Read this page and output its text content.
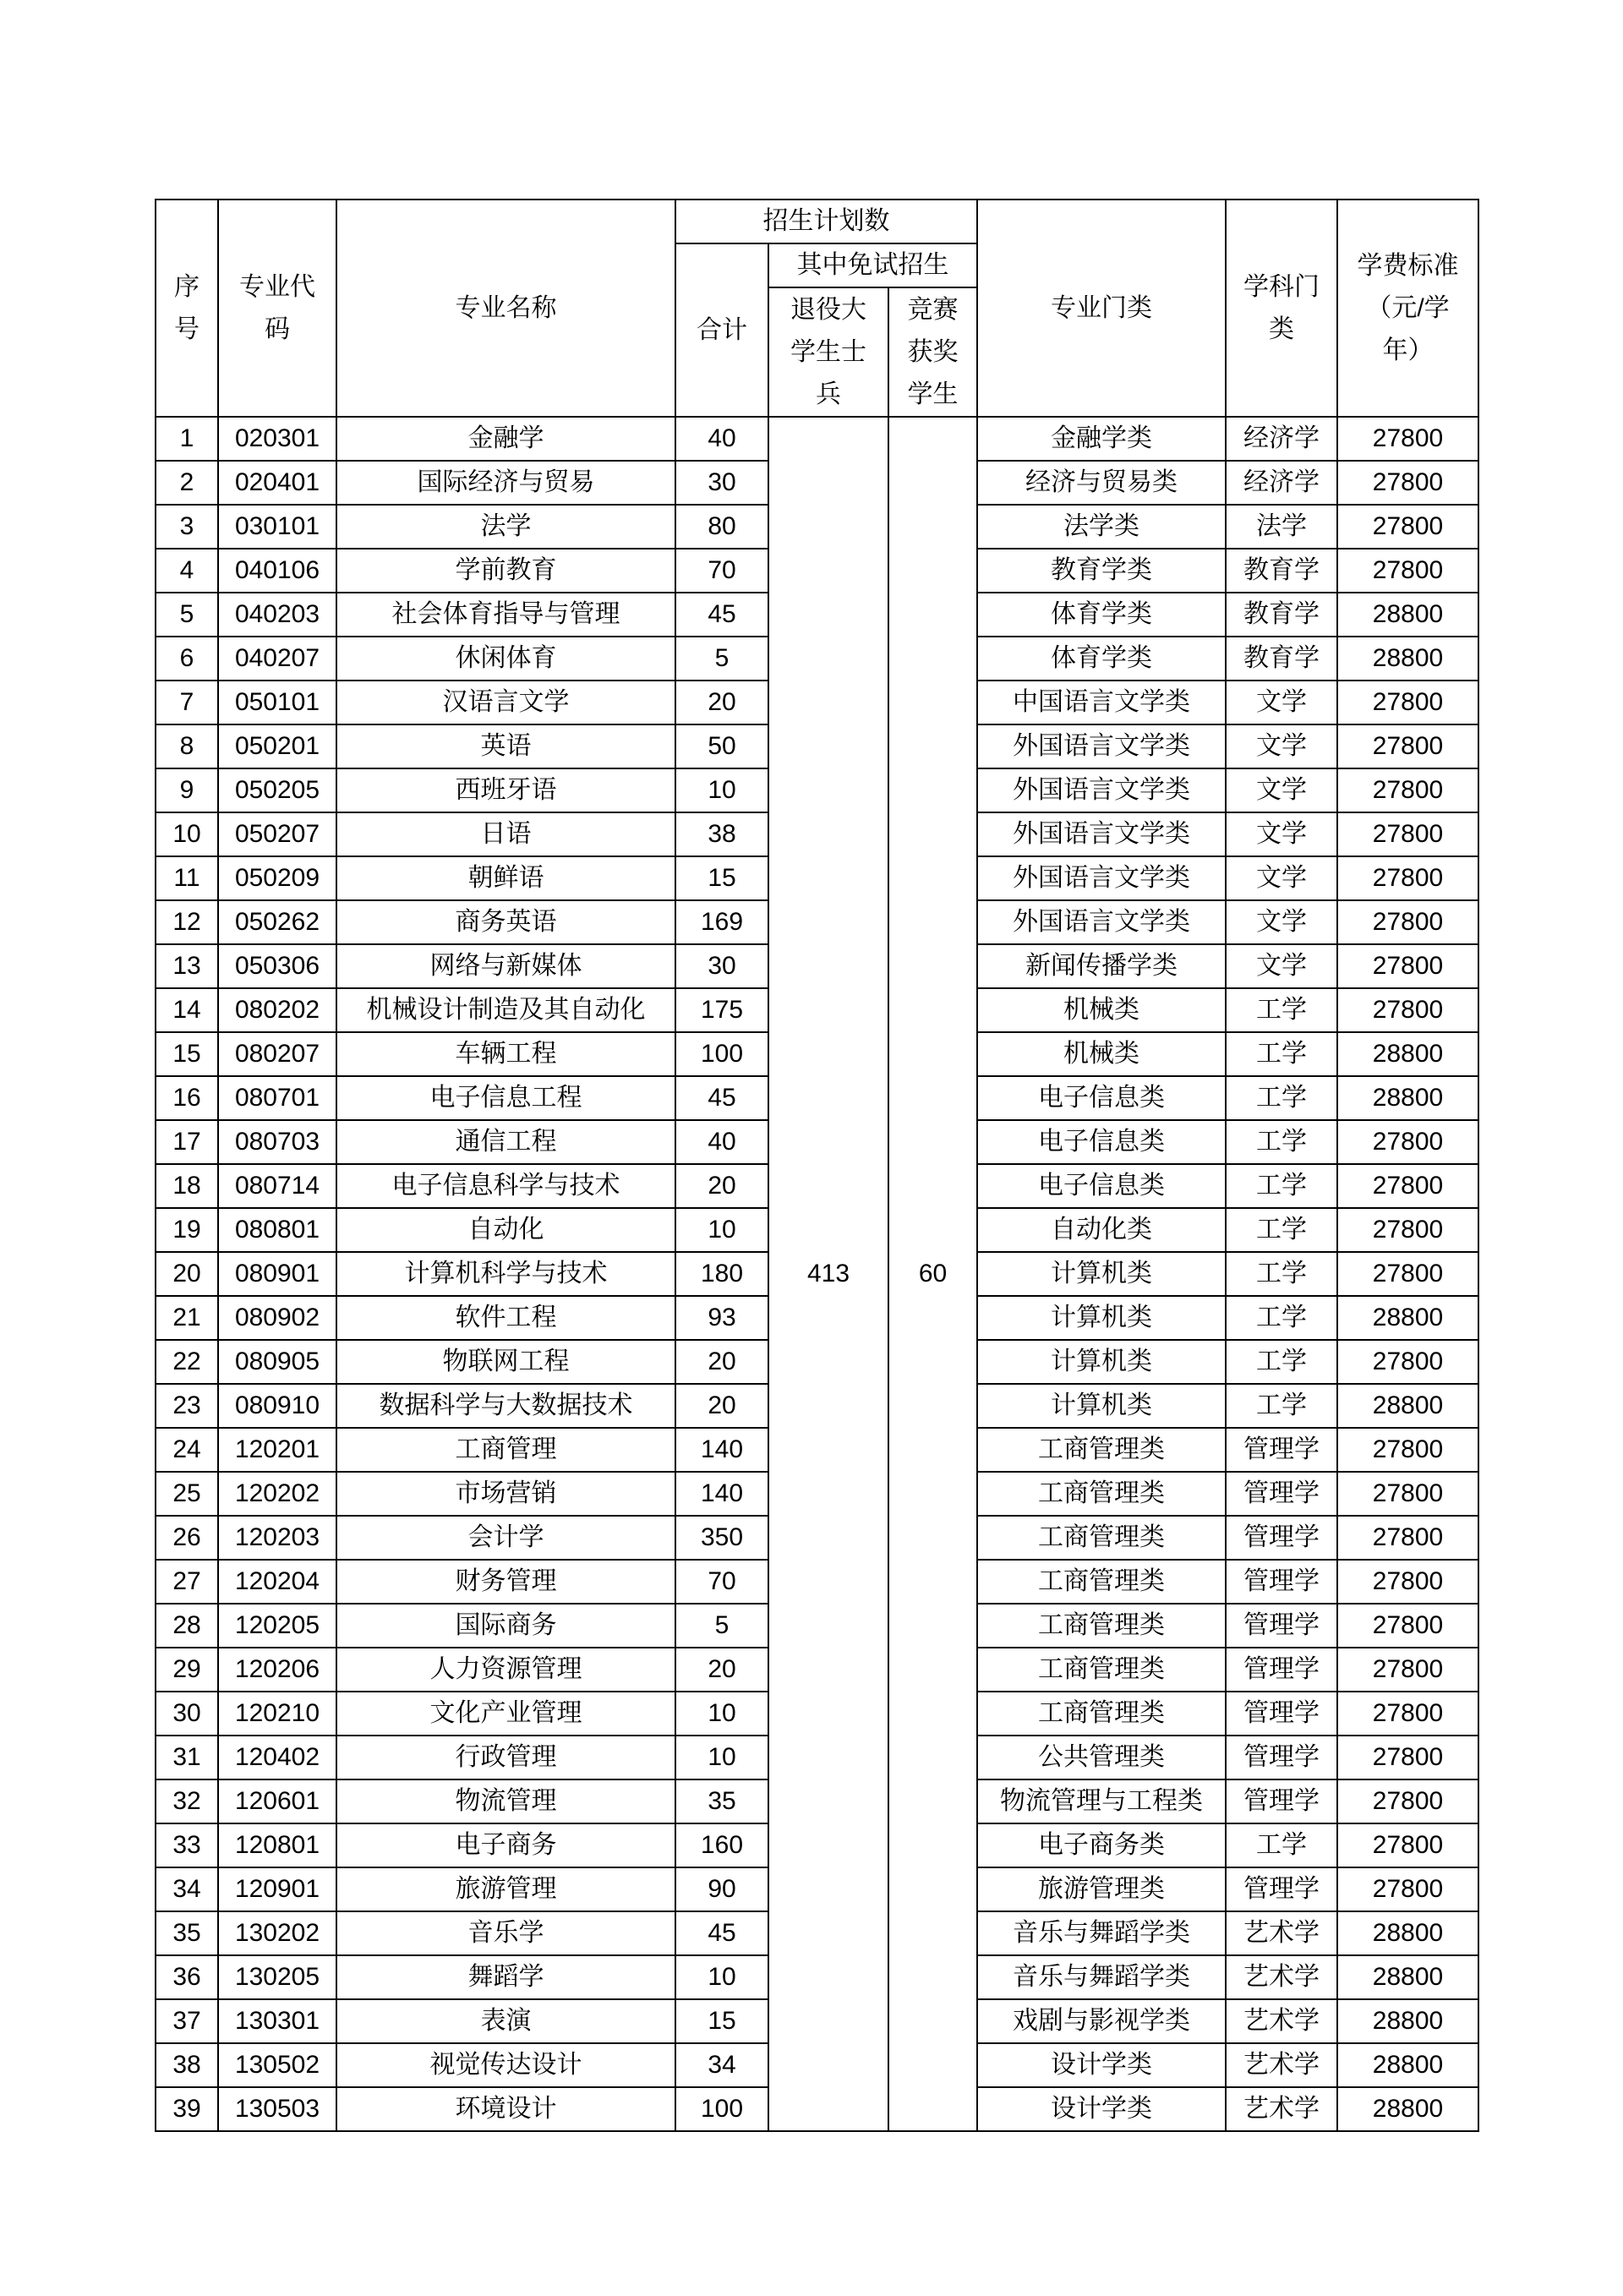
序号	专业代码	专业名称	招生计划数			专业门类	学科门类	学费标准（元/学年）
			合计	其中免试招生				
				退役大学生士兵	竞赛获奖学生			
1	020301	金融学	40	413	60	金融学类	经济学	27800
2	020401	国际经济与贸易	30			经济与贸易类	经济学	27800
3	030101	法学	80			法学类	法学	27800
4	040106	学前教育	70			教育学类	教育学	27800
5	040203	社会体育指导与管理	45			体育学类	教育学	28800
6	040207	休闲体育	5			体育学类	教育学	28800
7	050101	汉语言文学	20			中国语言文学类	文学	27800
8	050201	英语	50			外国语言文学类	文学	27800
9	050205	西班牙语	10			外国语言文学类	文学	27800
10	050207	日语	38			外国语言文学类	文学	27800
11	050209	朝鲜语	15			外国语言文学类	文学	27800
12	050262	商务英语	169			外国语言文学类	文学	27800
13	050306	网络与新媒体	30			新闻传播学类	文学	27800
14	080202	机械设计制造及其自动化	175			机械类	工学	27800
15	080207	车辆工程	100			机械类	工学	28800
16	080701	电子信息工程	45			电子信息类	工学	28800
17	080703	通信工程	40			电子信息类	工学	27800
18	080714	电子信息科学与技术	20			电子信息类	工学	27800
19	080801	自动化	10			自动化类	工学	27800
20	080901	计算机科学与技术	180			计算机类	工学	27800
21	080902	软件工程	93			计算机类	工学	28800
22	080905	物联网工程	20			计算机类	工学	27800
23	080910	数据科学与大数据技术	20			计算机类	工学	28800
24	120201	工商管理	140			工商管理类	管理学	27800
25	120202	市场营销	140			工商管理类	管理学	27800
26	120203	会计学	350			工商管理类	管理学	27800
27	120204	财务管理	70			工商管理类	管理学	27800
28	120205	国际商务	5			工商管理类	管理学	27800
29	120206	人力资源管理	20			工商管理类	管理学	27800
30	120210	文化产业管理	10			工商管理类	管理学	27800
31	120402	行政管理	10			公共管理类	管理学	27800
32	120601	物流管理	35			物流管理与工程类	管理学	27800
33	120801	电子商务	160			电子商务类	工学	27800
34	120901	旅游管理	90			旅游管理类	管理学	27800
35	130202	音乐学	45			音乐与舞蹈学类	艺术学	28800
36	130205	舞蹈学	10			音乐与舞蹈学类	艺术学	28800
37	130301	表演	15			戏剧与影视学类	艺术学	28800
38	130502	视觉传达设计	34			设计学类	艺术学	28800
39	130503	环境设计	100			设计学类	艺术学	28800
